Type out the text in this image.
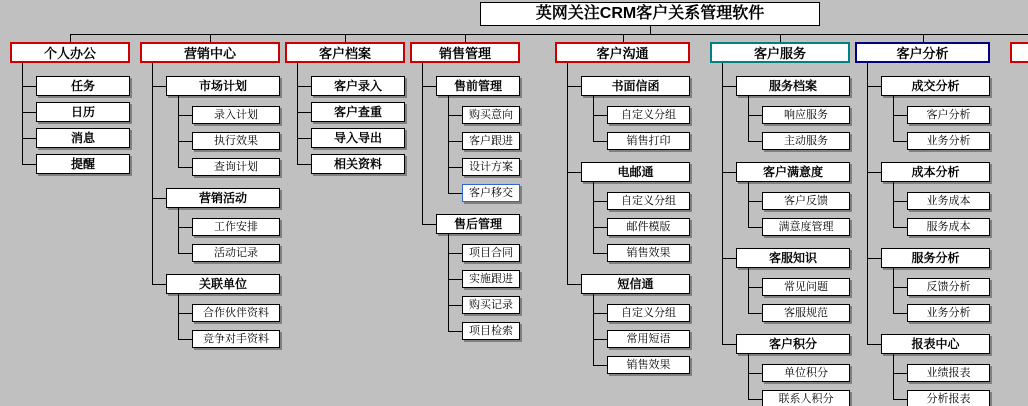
英网关注CRM客户关系管理软件
个人办公
任务
日历
消息
提醒
营销中心
市场计划
录入计划
执行效果
查询计划
营销活动
工作安排
活动记录
关联单位
合作伙伴资料
竞争对手资料
客户档案
客户录入
客户查重
导入导出
相关资料
销售管理
售前管理
购买意向
客户跟进
设计方案
客户移交
售后管理
项目合同
实施跟进
购买记录
项目检索
客户沟通
书面信函
自定义分组
销售打印
电邮通
自定义分组
邮件模版
销售效果
短信通
自定义分组
常用短语
销售效果
客户服务
服务档案
响应服务
主动服务
客户满意度
客户反馈
满意度管理
客服知识
常见问题
客服规范
客户积分
单位积分
联系人积分
客户分析
成交分析
客户分析
业务分析
成本分析
业务成本
服务成本
服务分析
反馈分析
业务分析
报表中心
业绩报表
分析报表
